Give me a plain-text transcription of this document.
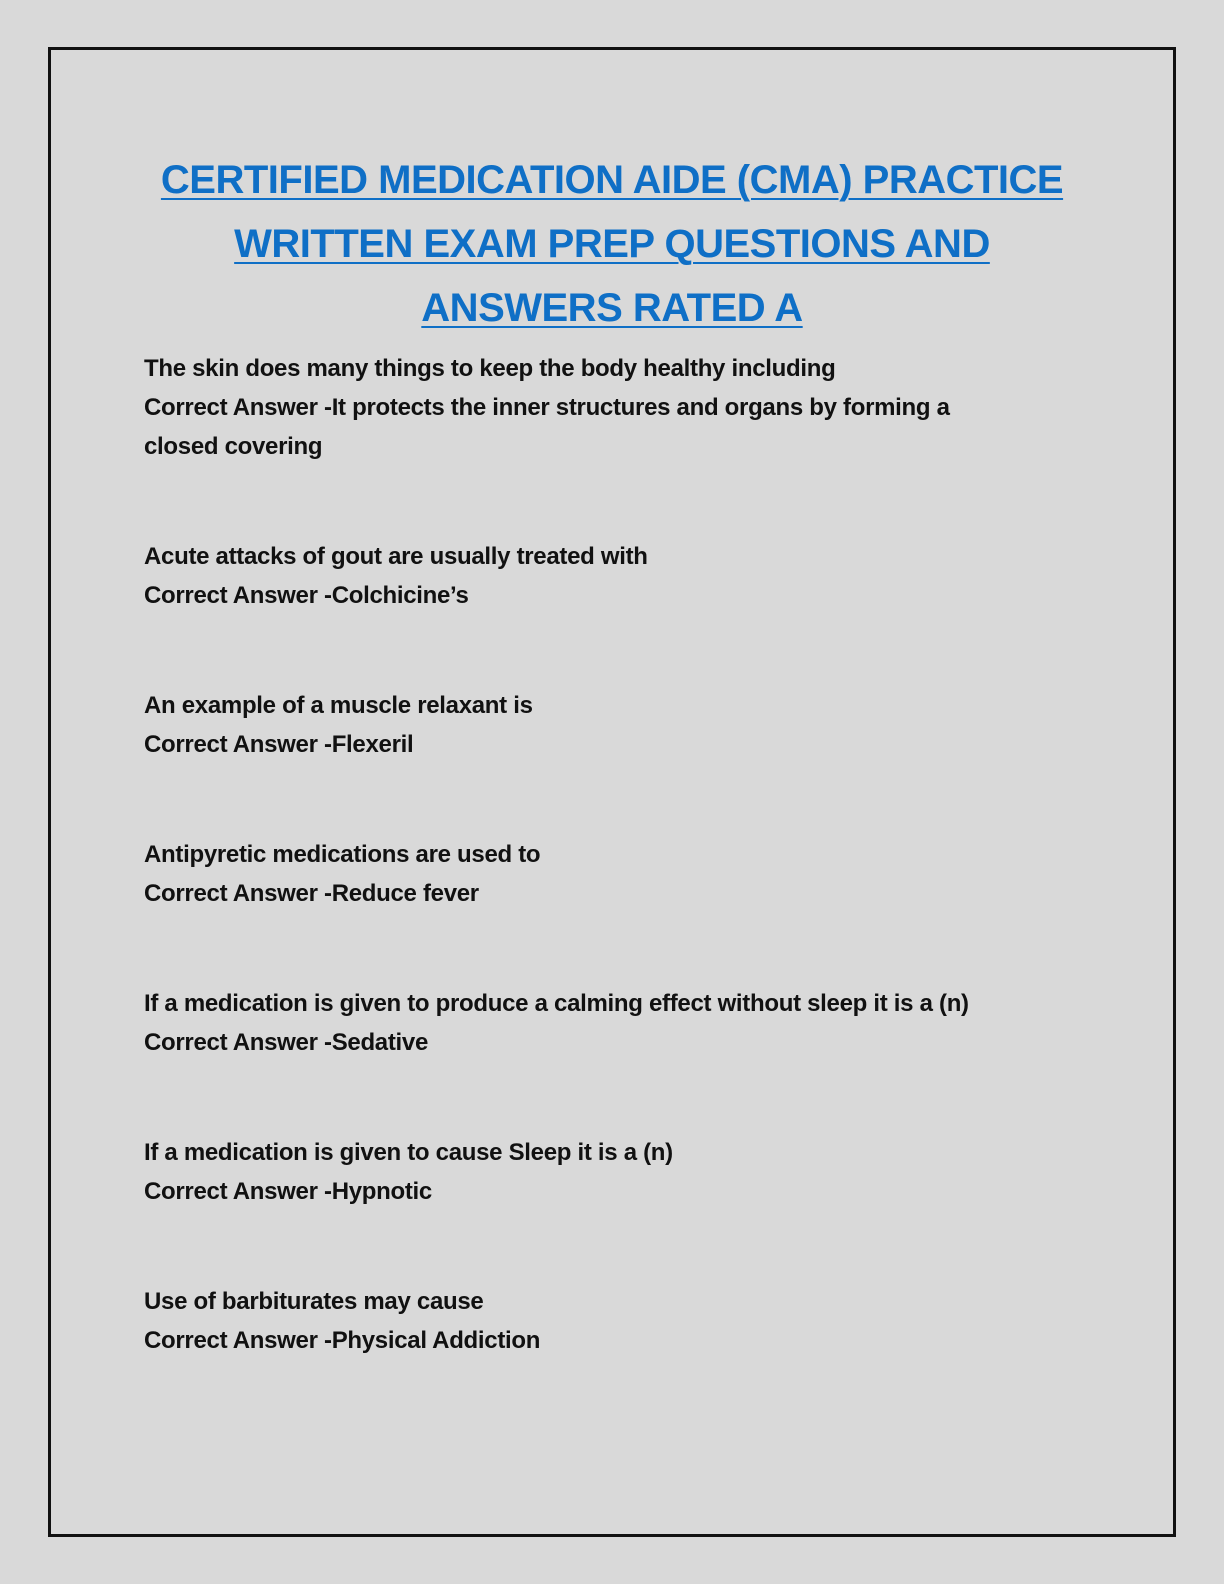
CERTIFIED MEDICATION AIDE (CMA) PRACTICE
WRITTEN EXAM PREP QUESTIONS AND
ANSWERS RATED A

The skin does many things to keep the body healthy including

Correct Answer -It protects the inner structures and organs by forming a

closed covering

Acute attacks of gout are usually treated with

Correct Answer -Colchicine’s

An example of a muscle relaxant is

Correct Answer -Flexeril

Antipyretic medications are used to

Correct Answer -Reduce fever

If a medication is given to produce a calming effect without sleep it is a (n)

Correct Answer -Sedative

If a medication is given to cause Sleep it is a (n)

Correct Answer -Hypnotic

Use of barbiturates may cause

Correct Answer -Physical Addiction
